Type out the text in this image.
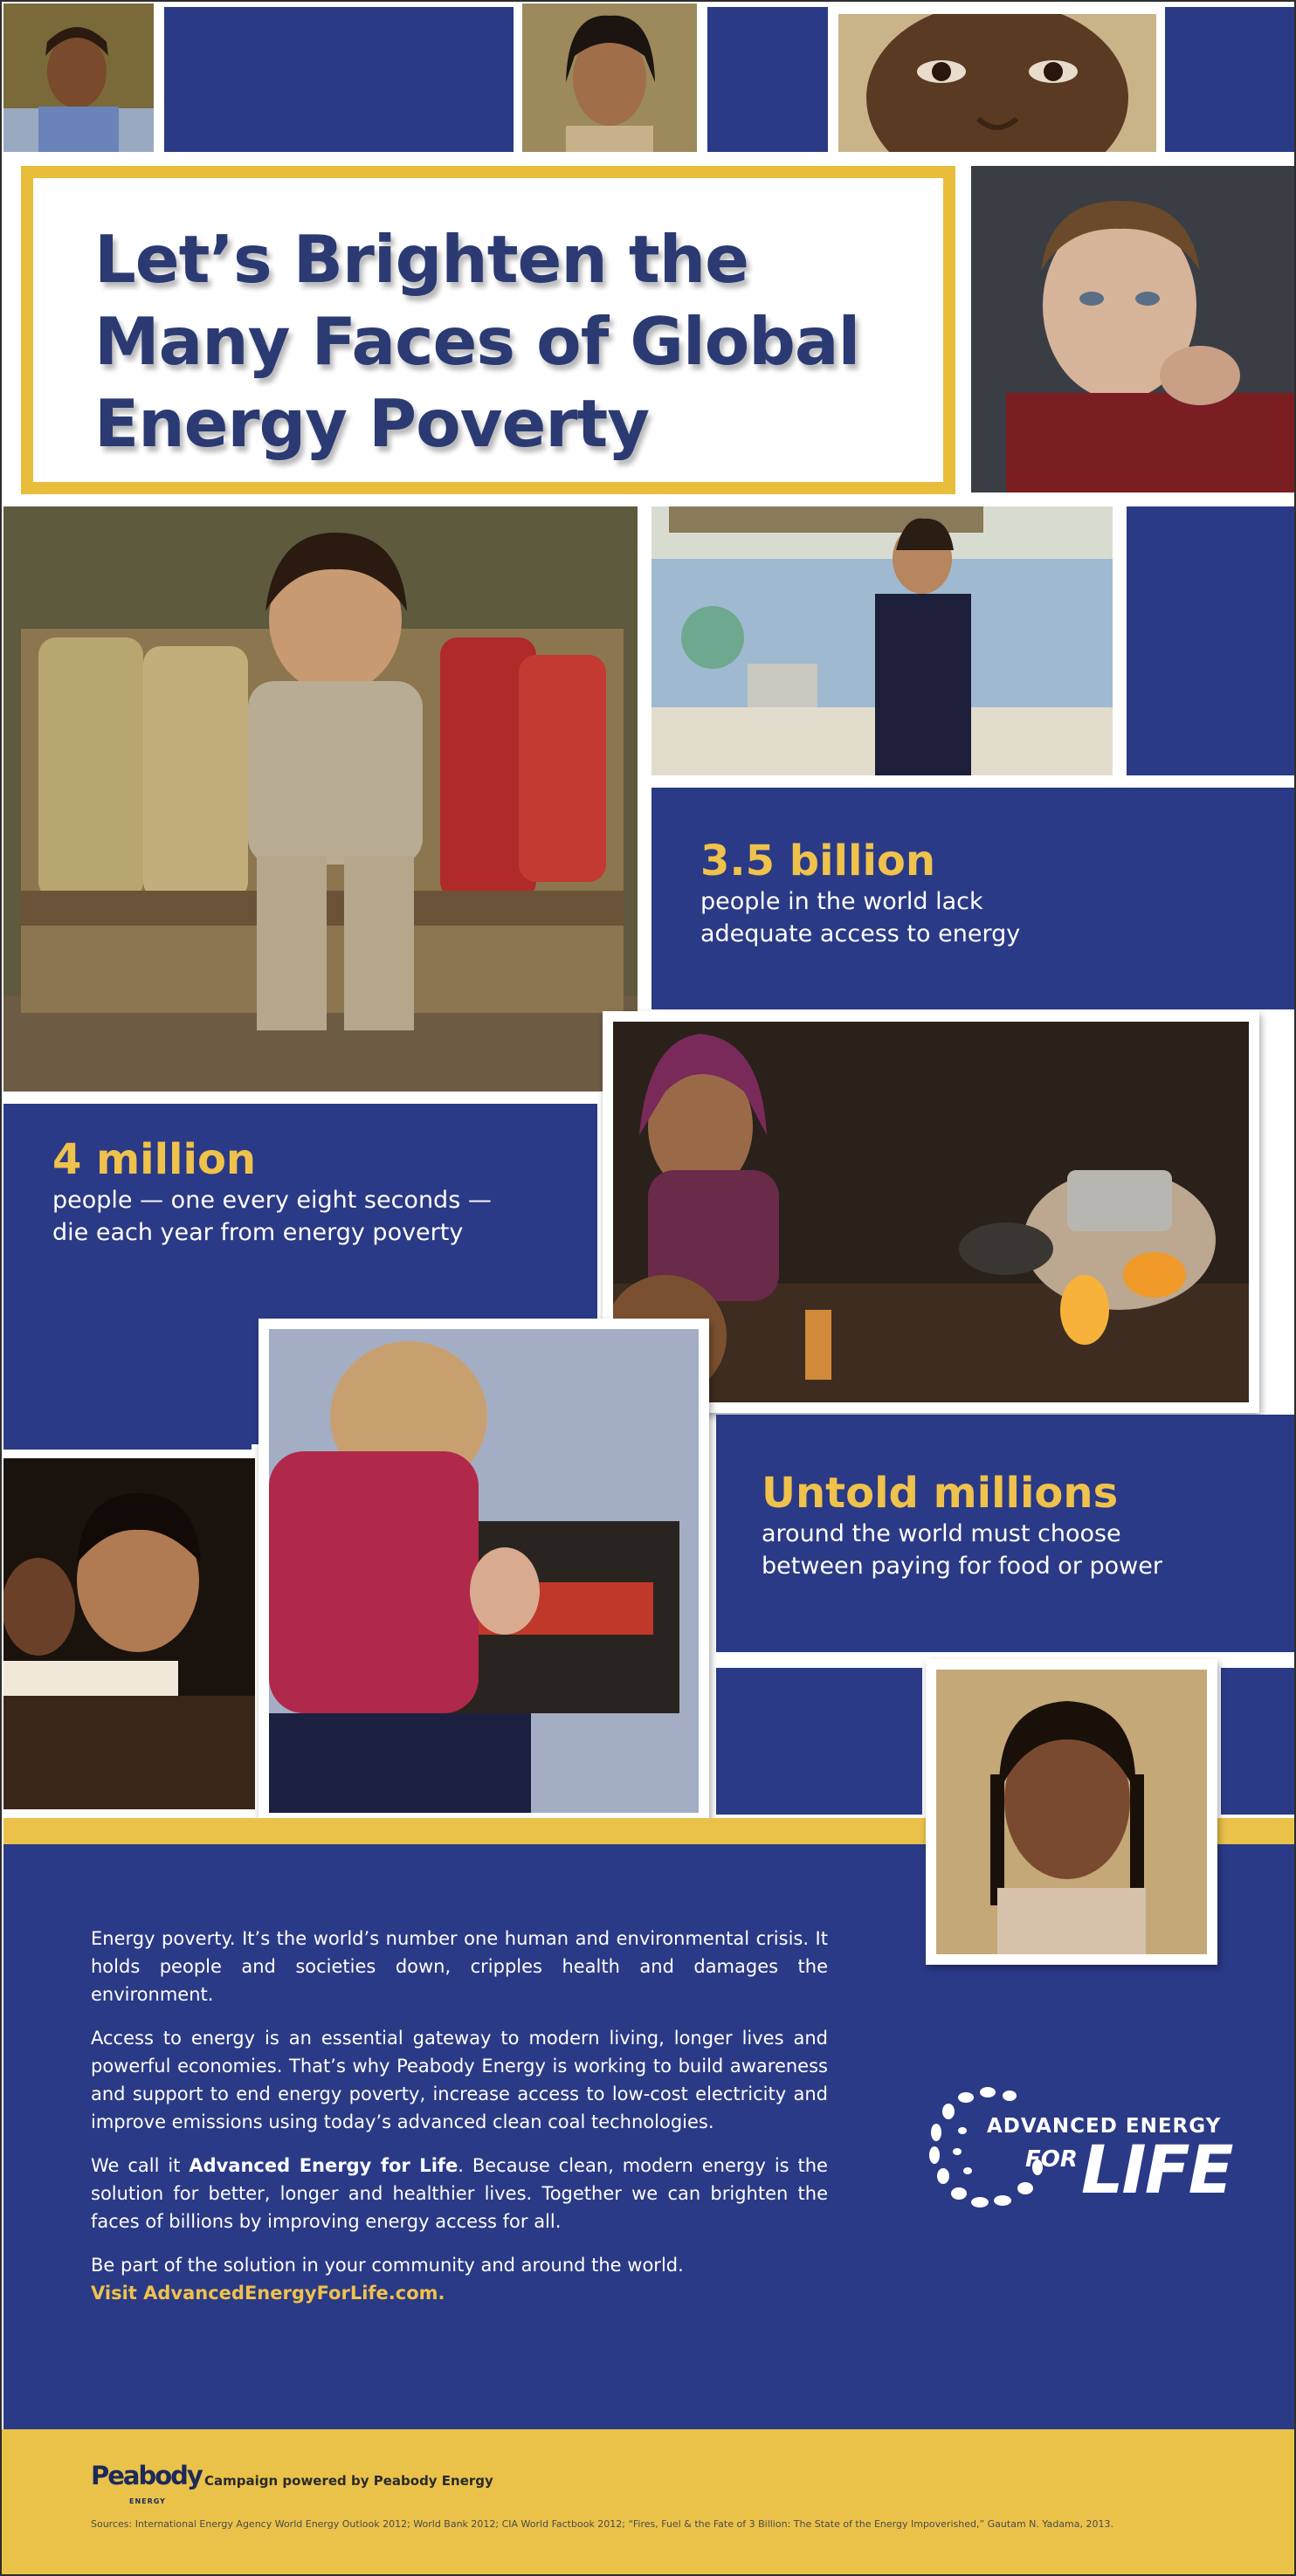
Let’s Brighten the
Many Faces of Global
Energy Poverty
3.5 billion
people in the world lack
adequate access to energy
4 million
people — one every eight seconds —
die each year from energy poverty
Untold millions
around the world must choose
between paying for food or power

Energy poverty. It’s the world’s number one human and environmental crisis. It holds people and societies down, cripples health and damages the environment.

Access to energy is an essential gateway to modern living, longer lives and powerful economies. That’s why Peabody Energy is working to build awareness and support to end energy poverty, increase access to low-cost electricity and improve emissions using today’s advanced clean coal technologies.

We call it Advanced Energy for Life. Because clean, modern energy is the solution for better, longer and healthier lives. Together we can brighten the faces of billions by improving energy access for all.

Be part of the solution in your community and around the world.
Visit AdvancedEnergyForLife.com.

ADVANCED ENERGY
FOR LIFE
Peabody
ENERGY
Campaign powered by Peabody Energy
Sources: International Energy Agency World Energy Outlook 2012; World Bank 2012; CIA World Factbook 2012; “Fires, Fuel & the Fate of 3 Billion: The State of the Energy Impoverished,” Gautam N. Yadama, 2013.
